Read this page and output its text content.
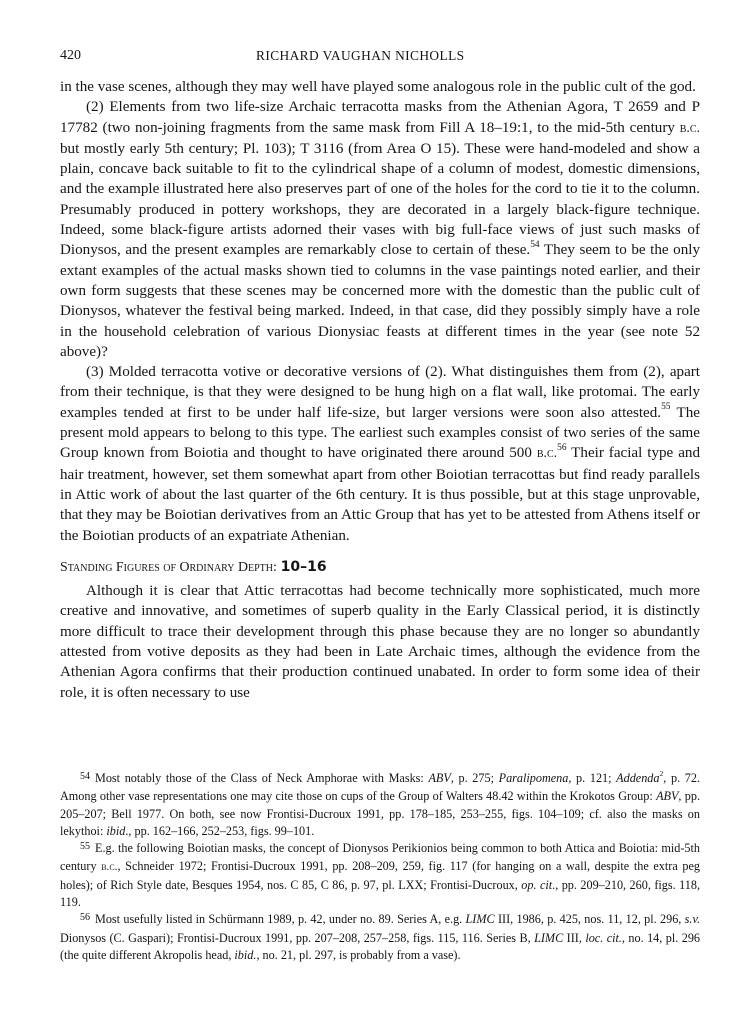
420	RICHARD VAUGHAN NICHOLLS

in the vase scenes, although they may well have played some analogous role in the public cult of the god.

(2) Elements from two life-size Archaic terracotta masks from the Athenian Agora, T 2659 and P 17782 (two non-joining fragments from the same mask from Fill A 18–19:1, to the mid-5th century b.c. but mostly early 5th century; Pl. 103); T 3116 (from Area O 15). These were hand-modeled and show a plain, concave back suitable to fit to the cylindrical shape of a column of modest, domestic dimensions, and the example illustrated here also preserves part of one of the holes for the cord to tie it to the column. Presumably produced in pottery workshops, they are decorated in a largely black-figure technique. Indeed, some black-figure artists adorned their vases with big full-face views of just such masks of Dionysos, and the present examples are remarkably close to certain of these.$^{54}$ They seem to be the only extant examples of the actual masks shown tied to columns in the vase paintings noted earlier, and their own form suggests that these scenes may be concerned more with the domestic than the public cult of Dionysos, whatever the festival being marked. Indeed, in that case, did they possibly simply have a role in the household celebration of various Dionysiac feasts at different times in the year (see note 52 above)?

(3) Molded terracotta votive or decorative versions of (2). What distinguishes them from (2), apart from their technique, is that they were designed to be hung high on a flat wall, like protomai. The early examples tended at first to be under half life-size, but larger versions were soon also attested.$^{55}$ The present mold appears to belong to this type. The earliest such examples consist of two series of the same Group known from Boiotia and thought to have originated there around 500 b.c.$^{56}$ Their facial type and hair treatment, however, set them somewhat apart from other Boiotian terracottas but find ready parallels in Attic work of about the last quarter of the 6th century. It is thus possible, but at this stage unprovable, that they may be Boiotian derivatives from an Attic Group that has yet to be attested from Athens itself or the Boiotian products of an expatriate Athenian.

Standing Figures of Ordinary Depth: 10–16

Although it is clear that Attic terracottas had become technically more sophisticated, much more creative and innovative, and sometimes of superb quality in the Early Classical period, it is distinctly more difficult to trace their development through this phase because they are no longer so abundantly attested from votive deposits as they had been in Late Archaic times, although the evidence from the Athenian Agora confirms that their production continued unabated. In order to form some idea of their role, it is often necessary to use

$^{54}$ Most notably those of the Class of Neck Amphorae with Masks: ABV, p. 275; Paralipomena, p. 121; Addenda$^2$, p. 72. Among other vase representations one may cite those on cups of the Group of Walters 48.42 within the Krokotos Group: ABV, pp. 205–207; Bell 1977. On both, see now Frontisi-Ducroux 1991, pp. 178–185, 253–255, figs. 104–109; cf. also the masks on lekythoi: ibid., pp. 162–166, 252–253, figs. 99–101.

$^{55}$ E.g. the following Boiotian masks, the concept of Dionysos Perikionios being common to both Attica and Boiotia: mid-5th century b.c., Schneider 1972; Frontisi-Ducroux 1991, pp. 208–209, 259, fig. 117 (for hanging on a wall, despite the extra peg holes); of Rich Style date, Besques 1954, nos. C 85, C 86, p. 97, pl. LXX; Frontisi-Ducroux, op. cit., pp. 209–210, 260, figs. 118, 119.

$^{56}$ Most usefully listed in Schürmann 1989, p. 42, under no. 89. Series A, e.g. LIMC III, 1986, p. 425, nos. 11, 12, pl. 296, s.v. Dionysos (C. Gaspari); Frontisi-Ducroux 1991, pp. 207–208, 257–258, figs. 115, 116. Series B, LIMC III, loc. cit., no. 14, pl. 296 (the quite different Akropolis head, ibid., no. 21, pl. 297, is probably from a vase).
